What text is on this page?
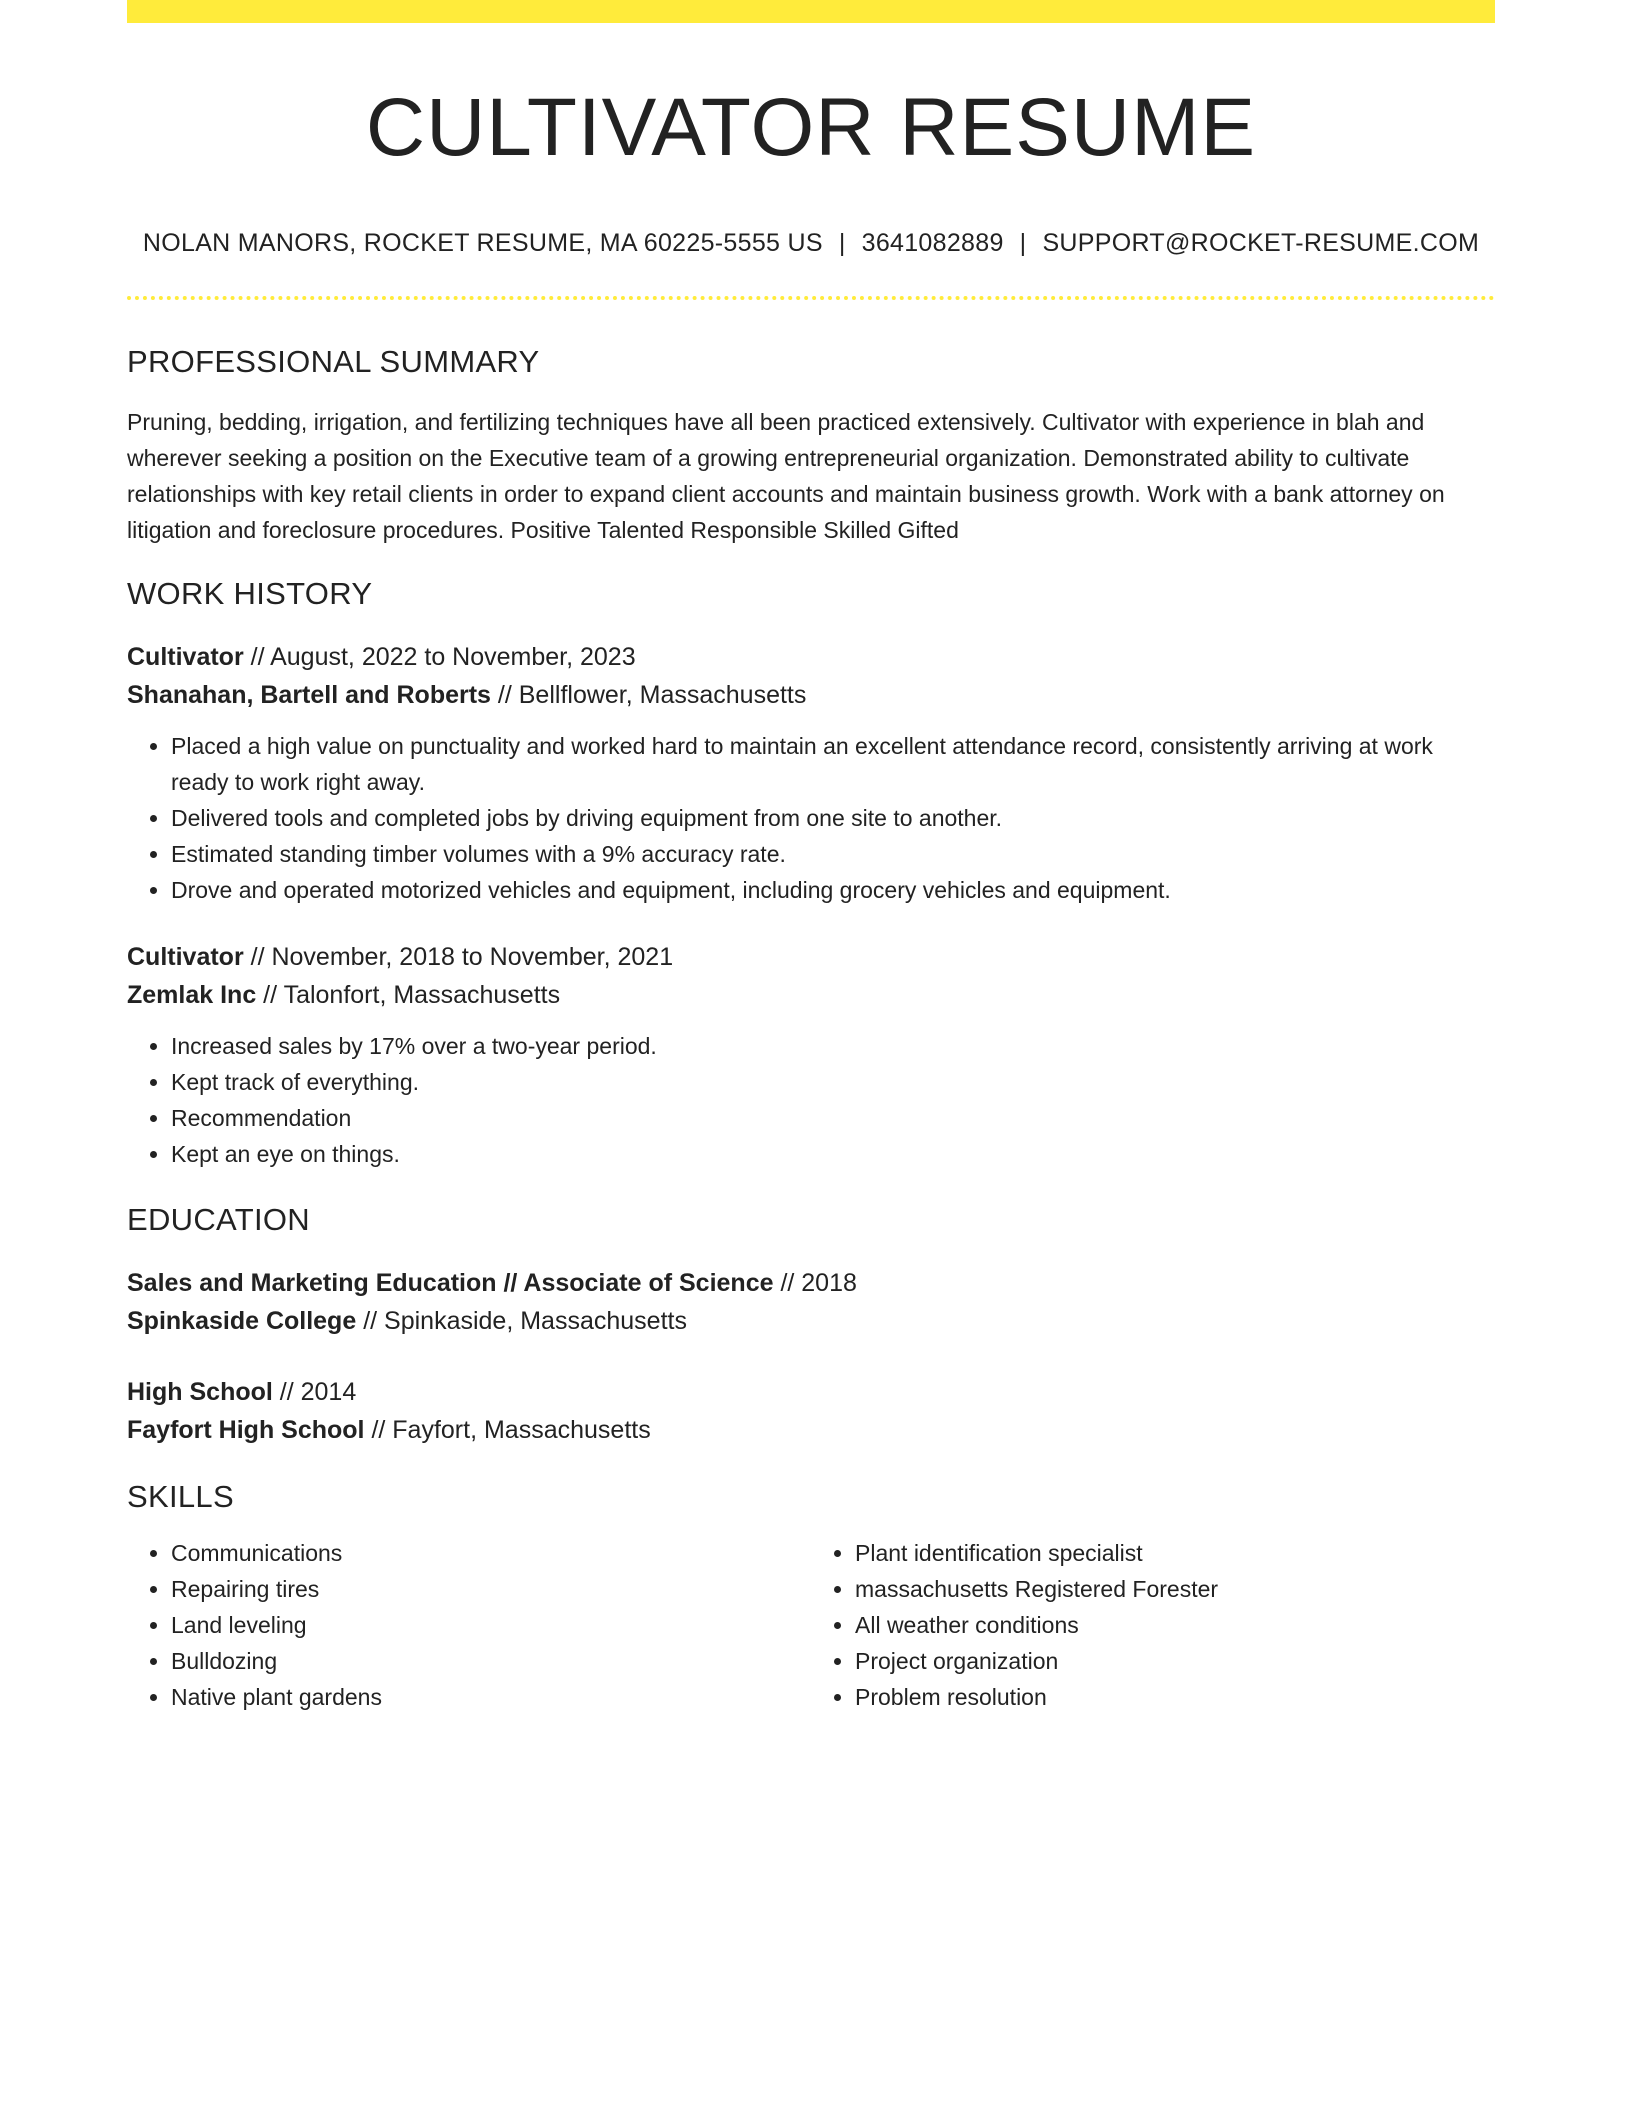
CULTIVATOR RESUME
NOLAN MANORS, ROCKET RESUME, MA 60225-5555 US | 3641082889 | SUPPORT@ROCKET-RESUME.COM
PROFESSIONAL SUMMARY
Pruning, bedding, irrigation, and fertilizing techniques have all been practiced extensively. Cultivator with experience in blah and wherever seeking a position on the Executive team of a growing entrepreneurial organization. Demonstrated ability to cultivate relationships with key retail clients in order to expand client accounts and maintain business growth. Work with a bank attorney on litigation and foreclosure procedures. Positive Talented Responsible Skilled Gifted
WORK HISTORY
Cultivator // August, 2022 to November, 2023
Shanahan, Bartell and Roberts // Bellflower, Massachusetts
• Placed a high value on punctuality and worked hard to maintain an excellent attendance record, consistently arriving at work ready to work right away.
• Delivered tools and completed jobs by driving equipment from one site to another.
• Estimated standing timber volumes with a 9% accuracy rate.
• Drove and operated motorized vehicles and equipment, including grocery vehicles and equipment.
Cultivator // November, 2018 to November, 2021
Zemlak Inc // Talonfort, Massachusetts
• Increased sales by 17% over a two-year period.
• Kept track of everything.
• Recommendation
• Kept an eye on things.
EDUCATION
Sales and Marketing Education // Associate of Science // 2018
Spinkaside College // Spinkaside, Massachusetts
High School // 2014
Fayfort High School // Fayfort, Massachusetts
SKILLS
• Communications
• Repairing tires
• Land leveling
• Bulldozing
• Native plant gardens
• Plant identification specialist
• massachusetts Registered Forester
• All weather conditions
• Project organization
• Problem resolution
